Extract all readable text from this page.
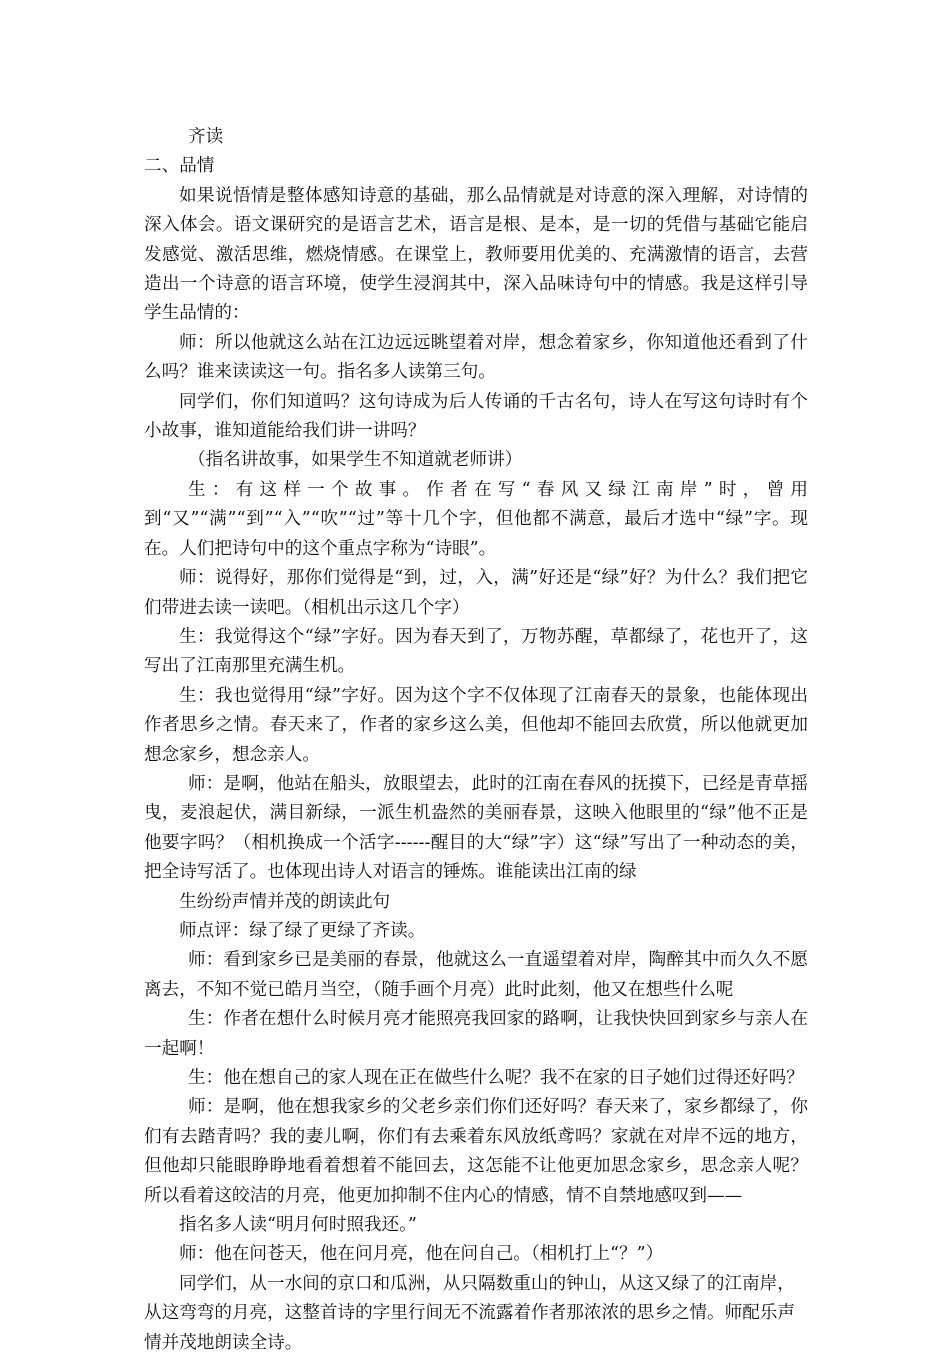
齐读

二、品情

如果说悟情是整体感知诗意的基础，那么品情就是对诗意的深入理解，对诗情的深入体会。语文课研究的是语言艺术，语言是根、是本，是一切的凭借与基础它能启发感觉、激活思维，燃烧情感。在课堂上，教师要用优美的、充满激情的语言，去营造出一个诗意的语言环境，使学生浸润其中，深入品味诗句中的情感。我是这样引导学生品情的：

师：所以他就这么站在江边远远眺望着对岸，想念着家乡，你知道他还看到了什么吗？谁来读读这一句。指名多人读第三句。

同学们，你们知道吗？这句诗成为后人传诵的千古名句，诗人在写这句诗时有个小故事，谁知道能给我们讲一讲吗？

（指名讲故事，如果学生不知道就老师讲）

生：有这样一个故事。作者在写“春风又绿江南岸”时，曾用到“又”“满”“到”“入”“吹”“过”等十几个字，但他都不满意，最后才选中“绿”字。现在。人们把诗句中的这个重点字称为“诗眼”。

师：说得好，那你们觉得是“到，过，入，满”好还是“绿”好？为什么？我们把它们带进去读一读吧。（相机出示这几个字）

生：我觉得这个“绿”字好。因为春天到了，万物苏醒，草都绿了，花也开了，这写出了江南那里充满生机。

生：我也觉得用“绿”字好。因为这个字不仅体现了江南春天的景象，也能体现出作者思乡之情。春天来了，作者的家乡这么美，但他却不能回去欣赏，所以他就更加想念家乡，想念亲人。

师：是啊，他站在船头，放眼望去，此时的江南在春风的抚摸下，已经是青草摇曳，麦浪起伏，满目新绿，一派生机盎然的美丽春景，这映入他眼里的“绿”他不正是他要字吗？（相机换成一个活字------醒目的大“绿”字）这“绿”写出了一种动态的美，把全诗写活了。也体现出诗人对语言的锤炼。谁能读出江南的绿

生纷纷声情并茂的朗读此句

师点评：绿了绿了更绿了齐读。

师：看到家乡已是美丽的春景，他就这么一直遥望着对岸，陶醉其中而久久不愿离去，不知不觉已皓月当空，（随手画个月亮）此时此刻，他又在想些什么呢

生：作者在想什么时候月亮才能照亮我回家的路啊，让我快快回到家乡与亲人在一起啊！

生：他在想自己的家人现在正在做些什么呢？我不在家的日子她们过得还好吗？

师：是啊，他在想我家乡的父老乡亲们你们还好吗？春天来了，家乡都绿了，你们有去踏青吗？我的妻儿啊，你们有去乘着东风放纸鸢吗？家就在对岸不远的地方，但他却只能眼睁睁地看着想着不能回去，这怎能不让他更加思念家乡，思念亲人呢？所以看着这皎洁的月亮，他更加抑制不住内心的情感，情不自禁地感叹到——

指名多人读“明月何时照我还。”

师：他在问苍天，他在问月亮，他在问自己。（相机打上“？”）

同学们，从一水间的京口和瓜洲，从只隔数重山的钟山，从这又绿了的江南岸，从这弯弯的月亮，这整首诗的字里行间无不流露着作者那浓浓的思乡之情。师配乐声情并茂地朗读全诗。
